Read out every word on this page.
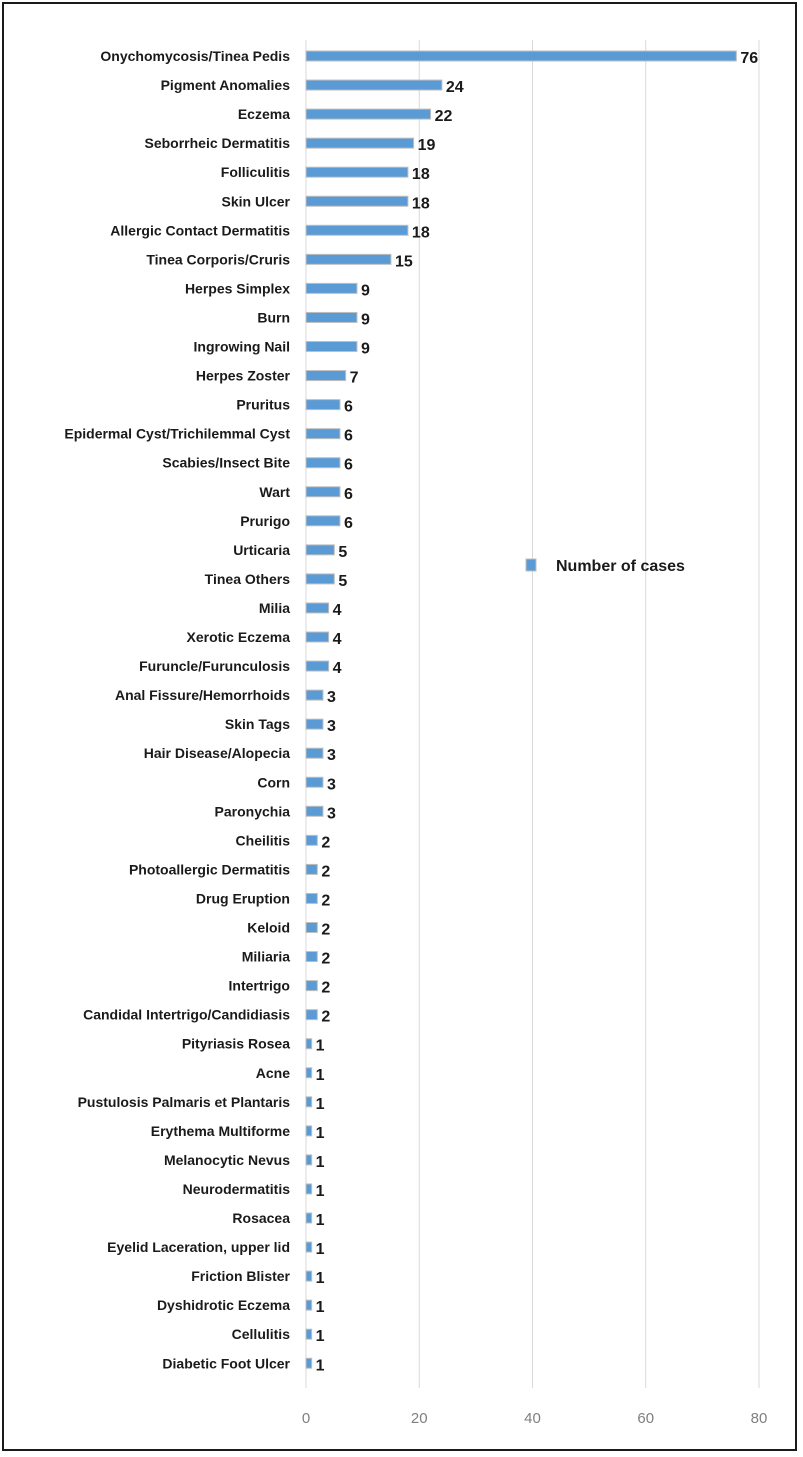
Onychomycosis/Tinea Pedis
Pigment Anomalies
Eczema
Seborrheic Dermatitis
Folliculitis
Skin Ulcer
Allergic Contact Dermatitis
Tinea Corporis/Cruris
Herpes Simplex
Burn
Ingrowing Nail
Herpes Zoster
Pruritus
Epidermal Cyst/Trichilemmal Cyst
Scabies/Insect Bite
Wart
Prurigo
Urticaria
Tinea Others
Milia
Xerotic Eczema
Furuncle/Furunculosis
Anal Fissure/Hemorrhoids
Skin Tags
Hair Disease/Alopecia
Corn
Paronychia
Cheilitis
Photoallergic Dermatitis
Drug Eruption
Keloid
Miliaria
Intertrigo
Candidal Intertrigo/Candidiasis
Pityriasis Rosea
Acne
Pustulosis Palmaris et Plantaris
Erythema Multiforme
Melanocytic Nevus
Neurodermatitis
Rosacea
Eyelid Laceration, upper lid
Friction Blister
Dyshidrotic Eczema
Cellulitis
Diabetic Foot Ulcer
76
24
22
19
18
18
18
15
9
9
9
7
6
6
6
6
6
5
5
4
4
4
3
3
3
3
3
2
2
2
2
2
2
2
1
1
1
1
1
1
1
1
1
1
1
1
0	20	40	60	80
Number of cases
